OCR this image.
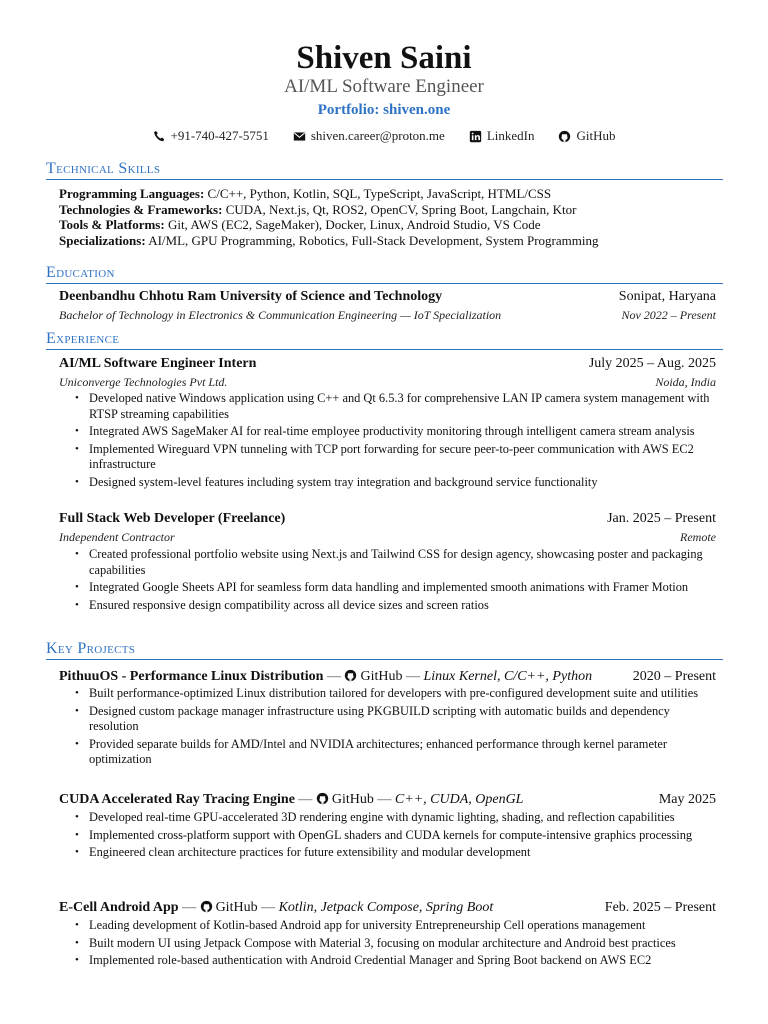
Shiven Saini
AI/ML Software Engineer
Portfolio: shiven.one
+91-740-427-5751	shiven.career@proton.me	LinkedIn	GitHub
Technical Skills
Programming Languages: C/C++, Python, Kotlin, SQL, TypeScript, JavaScript, HTML/CSS
Technologies & Frameworks: CUDA, Next.js, Qt, ROS2, OpenCV, Spring Boot, Langchain, Ktor
Tools & Platforms: Git, AWS (EC2, SageMaker), Docker, Linux, Android Studio, VS Code
Specializations: AI/ML, GPU Programming, Robotics, Full-Stack Development, System Programming
Education
Deenbandhu Chhotu Ram University of Science and Technology	Sonipat, Haryana
Bachelor of Technology in Electronics & Communication Engineering — IoT Specialization	Nov 2022 – Present
Experience
AI/ML Software Engineer Intern	July 2025 – Aug. 2025
Uniconverge Technologies Pvt Ltd.	Noida, India
• Developed native Windows application using C++ and Qt 6.5.3 for comprehensive LAN IP camera system management with RTSP streaming capabilities
• Integrated AWS SageMaker AI for real-time employee productivity monitoring through intelligent camera stream analysis
• Implemented Wireguard VPN tunneling with TCP port forwarding for secure peer-to-peer communication with AWS EC2 infrastructure
• Designed system-level features including system tray integration and background service functionality
Full Stack Web Developer (Freelance)	Jan. 2025 – Present
Independent Contractor	Remote
• Created professional portfolio website using Next.js and Tailwind CSS for design agency, showcasing poster and packaging capabilities
• Integrated Google Sheets API for seamless form data handling and implemented smooth animations with Framer Motion
• Ensured responsive design compatibility across all device sizes and screen ratios
Key Projects
PithuuOS - Performance Linux Distribution — GitHub — Linux Kernel, C/C++, Python	2020 – Present
• Built performance-optimized Linux distribution tailored for developers with pre-configured development suite and utilities
• Designed custom package manager infrastructure using PKGBUILD scripting with automatic builds and dependency resolution
• Provided separate builds for AMD/Intel and NVIDIA architectures; enhanced performance through kernel parameter optimization
CUDA Accelerated Ray Tracing Engine — GitHub — C++, CUDA, OpenGL	May 2025
• Developed real-time GPU-accelerated 3D rendering engine with dynamic lighting, shading, and reflection capabilities
• Implemented cross-platform support with OpenGL shaders and CUDA kernels for compute-intensive graphics processing
• Engineered clean architecture practices for future extensibility and modular development
E-Cell Android App — GitHub — Kotlin, Jetpack Compose, Spring Boot	Feb. 2025 – Present
• Leading development of Kotlin-based Android app for university Entrepreneurship Cell operations management
• Built modern UI using Jetpack Compose with Material 3, focusing on modular architecture and Android best practices
• Implemented role-based authentication with Android Credential Manager and Spring Boot backend on AWS EC2
